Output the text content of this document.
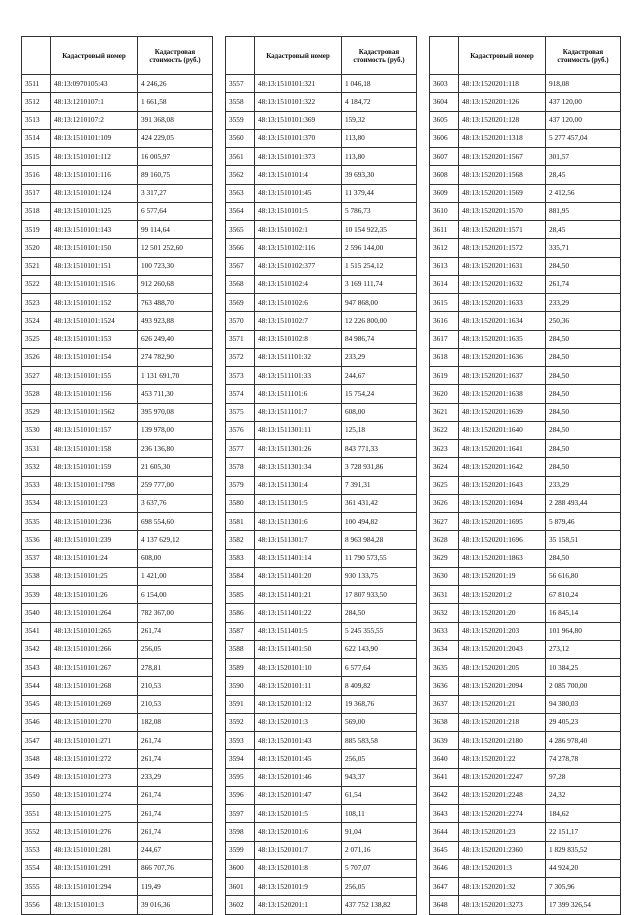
	Кадастровый номер	Кадастровая стоимость (руб.)
3511	48:13:0970105:43	4 246,26
3512	48:13:1210107:1	1 661,58
3513	48:13:1210107:2	391 368,08
3514	48:13:1510101:109	424 229,05
3515	48:13:1510101:112	16 005,97
3516	48:13:1510101:116	89 160,75
3517	48:13:1510101:124	3 317,27
3518	48:13:1510101:125	6 577,64
3519	48:13:1510101:143	99 114,64
3520	48:13:1510101:150	12 501 252,60
3521	48:13:1510101:151	100 723,30
3522	48:13:1510101:1516	912 260,68
3523	48:13:1510101:152	763 488,70
3524	48:13:1510101:1524	493 923,88
3525	48:13:1510101:153	626 249,40
3526	48:13:1510101:154	274 782,90
3527	48:13:1510101:155	1 131 691,70
3528	48:13:1510101:156	453 711,30
3529	48:13:1510101:1562	395 970,08
3530	48:13:1510101:157	139 978,00
3531	48:13:1510101:158	236 136,80
3532	48:13:1510101:159	21 605,30
3533	48:13:1510101:1798	259 777,00
3534	48:13:1510101:23	3 637,76
3535	48:13:1510101:236	698 554,60
3536	48:13:1510101:239	4 137 629,12
3537	48:13:1510101:24	608,00
3538	48:13:1510101:25	1 421,00
3539	48:13:1510101:26	6 154,00
3540	48:13:1510101:264	782 367,00
3541	48:13:1510101:265	261,74
3542	48:13:1510101:266	256,05
3543	48:13:1510101:267	278,81
3544	48:13:1510101:268	210,53
3545	48:13:1510101:269	210,53
3546	48:13:1510101:270	182,08
3547	48:13:1510101:271	261,74
3548	48:13:1510101:272	261,74
3549	48:13:1510101:273	233,29
3550	48:13:1510101:274	261,74
3551	48:13:1510101:275	261,74
3552	48:13:1510101:276	261,74
3553	48:13:1510101:281	244,67
3554	48:13:1510101:291	866 707,76
3555	48:13:1510101:294	119,49
3556	48:13:1510101:3	39 016,36
	Кадастровый номер	Кадастровая стоимость (руб.)
3557	48:13:1510101:321	1 046,18
3558	48:13:1510101:322	4 184,72
3559	48:13:1510101:369	159,32
3560	48:13:1510101:370	113,80
3561	48:13:1510101:373	113,80
3562	48:13:1510101:4	39 693,30
3563	48:13:1510101:45	11 379,44
3564	48:13:1510101:5	5 786,73
3565	48:13:1510102:1	10 154 922,35
3566	48:13:1510102:116	2 596 144,00
3567	48:13:1510102:377	1 515 254,12
3568	48:13:1510102:4	3 169 111,74
3569	48:13:1510102:6	947 868,00
3570	48:13:1510102:7	12 226 800,00
3571	48:13:1510102:8	84 986,74
3572	48:13:1511101:32	233,29
3573	48:13:1511101:33	244,67
3574	48:13:1511101:6	15 754,24
3575	48:13:1511101:7	608,00
3576	48:13:1511301:11	125,18
3577	48:13:1511301:26	843 771,33
3578	48:13:1511301:34	3 728 931,86
3579	48:13:1511301:4	7 391,31
3580	48:13:1511301:5	361 431,42
3581	48:13:1511301:6	100 494,82
3582	48:13:1511301:7	8 963 984,28
3583	48:13:1511401:14	11 790 573,55
3584	48:13:1511401:20	930 133,75
3585	48:13:1511401:21	17 807 933,50
3586	48:13:1511401:22	284,50
3587	48:13:1511401:5	5 245 355,55
3588	48:13:1511401:50	622 143,90
3589	48:13:1520101:10	6 577,64
3590	48:13:1520101:11	8 409,82
3591	48:13:1520101:12	19 368,76
3592	48:13:1520101:3	569,00
3593	48:13:1520101:43	885 583,58
3594	48:13:1520101:45	256,05
3595	48:13:1520101:46	943,37
3596	48:13:1520101:47	61,54
3597	48:13:1520101:5	108,11
3598	48:13:1520101:6	91,04
3599	48:13:1520101:7	2 071,16
3600	48:13:1520101:8	5 707,07
3601	48:13:1520101:9	256,05
3602	48:13:1520201:1	437 752 138,82
	Кадастровый номер	Кадастровая стоимость (руб.)
3603	48:13:1520201:118	918,08
3604	48:13:1520201:126	437 120,00
3605	48:13:1520201:128	437 120,00
3606	48:13:1520201:1318	5 277 457,04
3607	48:13:1520201:1567	301,57
3608	48:13:1520201:1568	28,45
3609	48:13:1520201:1569	2 412,56
3610	48:13:1520201:1570	881,95
3611	48:13:1520201:1571	28,45
3612	48:13:1520201:1572	335,71
3613	48:13:1520201:1631	284,50
3614	48:13:1520201:1632	261,74
3615	48:13:1520201:1633	233,29
3616	48:13:1520201:1634	250,36
3617	48:13:1520201:1635	284,50
3618	48:13:1520201:1636	284,50
3619	48:13:1520201:1637	284,50
3620	48:13:1520201:1638	284,50
3621	48:13:1520201:1639	284,50
3622	48:13:1520201:1640	284,50
3623	48:13:1520201:1641	284,50
3624	48:13:1520201:1642	284,50
3625	48:13:1520201:1643	233,29
3626	48:13:1520201:1694	2 288 493,44
3627	48:13:1520201:1695	5 879,46
3628	48:13:1520201:1696	35 158,51
3629	48:13:1520201:1863	284,50
3630	48:13:1520201:19	56 616,80
3631	48:13:1520201:2	67 810,24
3632	48:13:1520201:20	16 845,14
3633	48:13:1520201:203	101 964,80
3634	48:13:1520201:2043	273,12
3635	48:13:1520201:205	10 384,25
3636	48:13:1520201:2094	2 085 700,00
3637	48:13:1520201:21	94 380,03
3638	48:13:1520201:218	29 405,23
3639	48:13:1520201:2180	4 286 978,40
3640	48:13:1520201:22	74 278,78
3641	48:13:1520201:2247	97,28
3642	48:13:1520201:2248	24,32
3643	48:13:1520201:2274	184,62
3644	48:13:1520201:23	22 151,17
3645	48:13:1520201:2360	1 829 835,52
3646	48:13:1520201:3	44 924,20
3647	48:13:1520201:32	7 305,96
3648	48:13:1520201:3273	17 399 326,54
